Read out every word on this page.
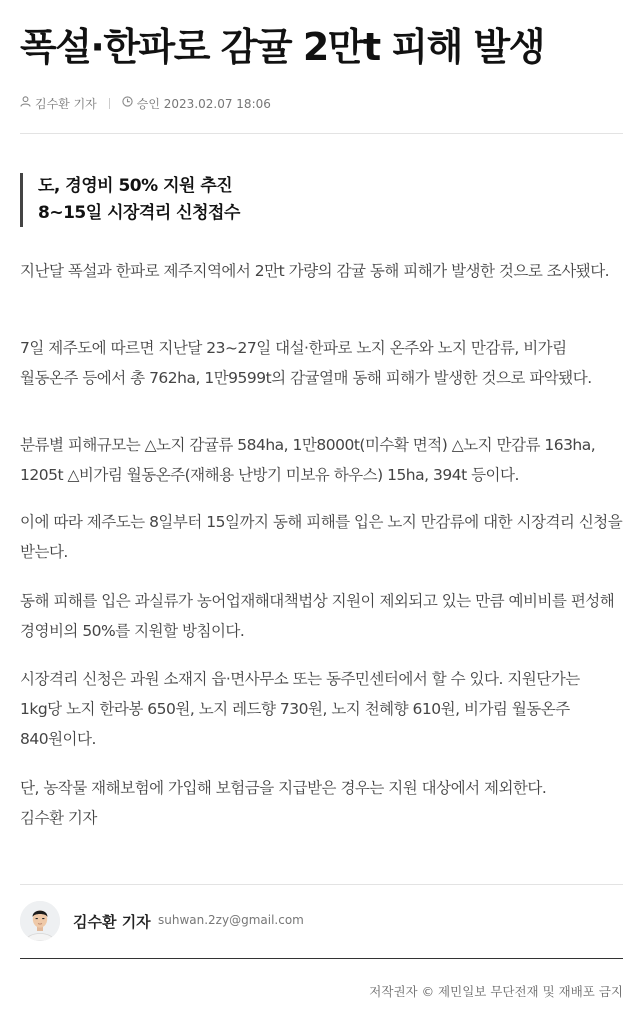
폭설·한파로 감귤 2만t 피해 발생
김수환 기자	승인 2023.02.07 18:06
도, 경영비 50% 지원 추진
8~15일 시장격리 신청접수
지난달 폭설과 한파로 제주지역에서 2만t 가량의 감귤 동해 피해가 발생한 것으로 조사됐다.
7일 제주도에 따르면 지난달 23~27일 대설·한파로 노지 온주와 노지 만감류, 비가림 월동온주 등에서 총 762ha, 1만9599t의 감귤열매 동해 피해가 발생한 것으로 파악됐다.
분류별 피해규모는 △노지 감귤류 584ha, 1만8000t(미수확 면적) △노지 만감류 163ha, 1205t △비가림 월동온주(재해용 난방기 미보유 하우스) 15ha, 394t 등이다.
이에 따라 제주도는 8일부터 15일까지 동해 피해를 입은 노지 만감류에 대한 시장격리 신청을 받는다.
동해 피해를 입은 과실류가 농어업재해대책법상 지원이 제외되고 있는 만큼 예비비를 편성해 경영비의 50%를 지원할 방침이다.
시장격리 신청은 과원 소재지 읍·면사무소 또는 동주민센터에서 할 수 있다. 지원단가는 1kg당 노지 한라봉 650원, 노지 레드향 730원, 노지 천혜향 610원, 비가림 월동온주 840원이다.
단, 농작물 재해보험에 가입해 보험금을 지급받은 경우는 지원 대상에서 제외한다.
김수환 기자
김수환 기자 suhwan.2zy@gmail.com
저작권자 © 제민일보 무단전재 및 재배포 금지
